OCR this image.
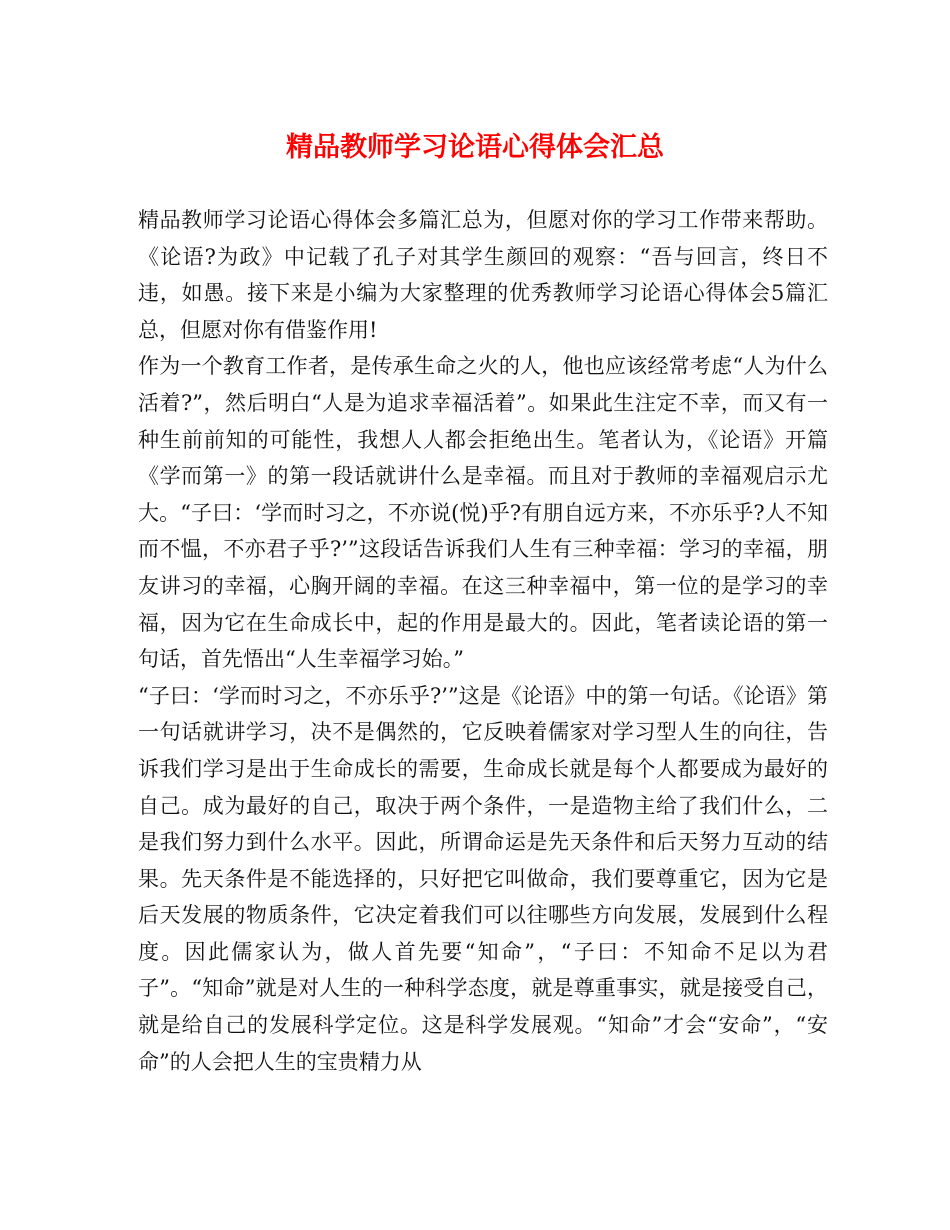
精品教师学习论语心得体会汇总

精品教师学习论语心得体会多篇汇总为，但愿对你的学习工作带来帮助。《论语?为政》中记载了孔子对其学生颜回的观察：“吾与回言，终日不违，如愚。接下来是小编为大家整理的优秀教师学习论语心得体会5篇汇总，但愿对你有借鉴作用!

作为一个教育工作者，是传承生命之火的人，他也应该经常考虑“人为什么活着?”，然后明白“人是为追求幸福活着”。如果此生注定不幸，而又有一种生前前知的可能性，我想人人都会拒绝出生。笔者认为，《论语》开篇《学而第一》的第一段话就讲什么是幸福。而且对于教师的幸福观启示尤大。“子曰：‘学而时习之，不亦说(悦)乎?有朋自远方来，不亦乐乎?人不知而不愠，不亦君子乎?’”这段话告诉我们人生有三种幸福：学习的幸福，朋友讲习的幸福，心胸开阔的幸福。在这三种幸福中，第一位的是学习的幸福，因为它在生命成长中，起的作用是最大的。因此，笔者读论语的第一句话，首先悟出“人生幸福学习始。”

“子曰：‘学而时习之，不亦乐乎?’”这是《论语》中的第一句话。《论语》第一句话就讲学习，决不是偶然的，它反映着儒家对学习型人生的向往，告诉我们学习是出于生命成长的需要，生命成长就是每个人都要成为最好的自己。成为最好的自己，取决于两个条件，一是造物主给了我们什么，二是我们努力到什么水平。因此，所谓命运是先天条件和后天努力互动的结果。先天条件是不能选择的，只好把它叫做命，我们要尊重它，因为它是后天发展的物质条件，它决定着我们可以往哪些方向发展，发展到什么程度。因此儒家认为，做人首先要“知命”，“子曰：不知命不足以为君子”。“知命”就是对人生的一种科学态度，就是尊重事实，就是接受自己，就是给自己的发展科学定位。这是科学发展观。“知命”才会“安命”，“安命”的人会把人生的宝贵精力从
